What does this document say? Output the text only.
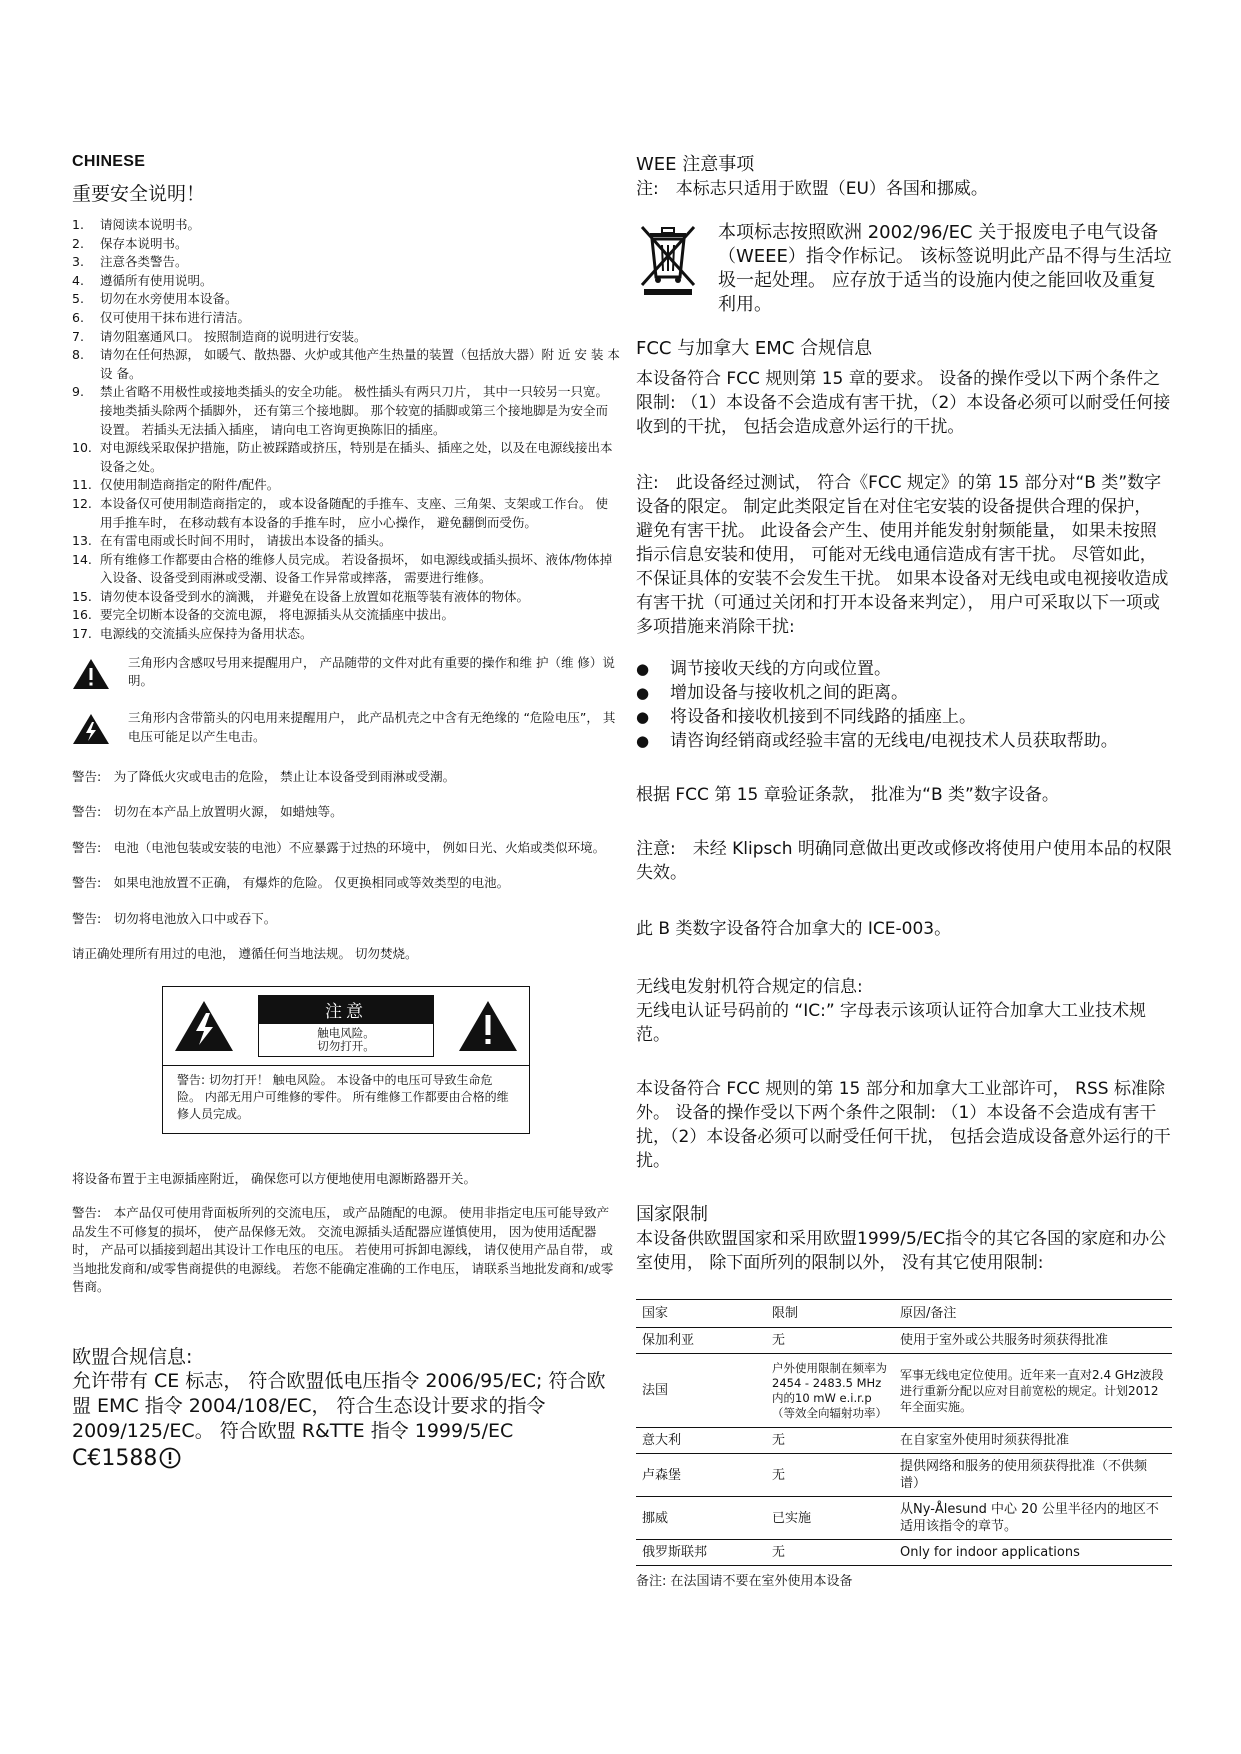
CHINESE
重要安全说明！
1.	请阅读本说明书。
2.	保存本说明书。
3.	注意各类警告。
4.	遵循所有使用说明。
5.	切勿在水旁使用本设备。
6.	仅可使用干抹布进行清洁。
7.	请勿阻塞通风口。 按照制造商的说明进行安装。
8.	请勿在任何热源， 如暖气、散热器、火炉或其他产生热量的装置（包括放大器）附 近 安 装 本 设 备。
9.	禁止省略不用极性或接地类插头的安全功能。 极性插头有两只刀片， 其中一只较另一只宽。 接地类插头除两个插脚外， 还有第三个接地脚。 那个较宽的插脚或第三个接地脚是为安全而设置。 若插头无法插入插座， 请向电工咨询更换陈旧的插座。
10. 对电源线采取保护措施，防止被踩踏或挤压，特别是在插头、插座之处，以及在电源线接出本设备之处。
11. 仅使用制造商指定的附件/配件。
12. 本设备仅可使用制造商指定的， 或本设备随配的手推车、支座、三角架、支架或工作台。 使用手推车时， 在移动载有本设备的手推车时， 应小心操作， 避免翻倒而受伤。
13. 在有雷电雨或长时间不用时， 请拔出本设备的插头。
14. 所有维修工作都要由合格的维修人员完成。 若设备损坏， 如电源线或插头损坏、液体/物体掉入设备、设备受到雨淋或受潮、设备工作异常或摔落， 需要进行维修。
15. 请勿使本设备受到水的滴溅， 并避免在设备上放置如花瓶等装有液体的物体。
16. 要完全切断本设备的交流电源， 将电源插头从交流插座中拔出。
17. 电源线的交流插头应保持为备用状态。
三角形内含感叹号用来提醒用户， 产品随带的文件对此有重要的操作和维 护（维 修）说 明。
三角形内含带箭头的闪电用来提醒用户， 此产品机壳之中含有无绝缘的 “危险电压”， 其电压可能足以产生电击。
警告:　为了降低火灾或电击的危险， 禁止让本设备受到雨淋或受潮。
警告:　切勿在本产品上放置明火源， 如蜡烛等。
警告:　电池（电池包装或安装的电池）不应暴露于过热的环境中， 例如日光、火焰或类似环境。
警告:　如果电池放置不正确， 有爆炸的危险。 仅更换相同或等效类型的电池。
警告:　切勿将电池放入口中或吞下。
请正确处理所有用过的电池， 遵循任何当地法规。 切勿焚烧。
注意
触电风险。
切勿打开。
警告: 切勿打开！ 触电风险。 本设备中的电压可导致生命危险。 内部无用户可维修的零件。 所有维修工作都要由合格的维修人员完成。
将设备布置于主电源插座附近， 确保您可以方便地使用电源断路器开关。
警告:　本产品仅可使用背面板所列的交流电压， 或产品随配的电源。 使用非指定电压可能导致产品发生不可修复的损坏， 使产品保修无效。 交流电源插头适配器应谨慎使用， 因为使用适配器时， 产品可以插接到超出其设计工作电压的电压。 若使用可拆卸电源线， 请仅使用产品自带， 或当地批发商和/或零售商提供的电源线。 若您不能确定准确的工作电压， 请联系当地批发商和/或零售商。
欧盟合规信息:
允许带有 CE 标志， 符合欧盟低电压指令 2006/95/EC; 符合欧盟 EMC 指令 2004/108/EC， 符合生态设计要求的指令 2009/125/EC。 符合欧盟 R&TTE 指令 1999/5/EC
C€1588
WEE 注意事项
注:　本标志只适用于欧盟（EU）各国和挪威。
本项标志按照欧洲 2002/96/EC 关于报废电子电气设备（WEEE）指令作标记。 该标签说明此产品不得与生活垃圾一起处理。 应存放于适当的设施内使之能回收及重复利用。
FCC 与加拿大 EMC 合规信息
本设备符合 FCC 规则第 15 章的要求。 设备的操作受以下两个条件之限制: （1）本设备不会造成有害干扰，（2）本设备必须可以耐受任何接收到的干扰， 包括会造成意外运行的干扰。
注:　此设备经过测试， 符合《FCC 规定》的第 15 部分对“B 类”数字设备的限定。 制定此类限定旨在对住宅安装的设备提供合理的保护， 避免有害干扰。 此设备会产生、使用并能发射射频能量， 如果未按照指示信息安装和使用， 可能对无线电通信造成有害干扰。 尽管如此， 不保证具体的安装不会发生干扰。 如果本设备对无线电或电视接收造成有害干扰（可通过关闭和打开本设备来判定）， 用户可采取以下一项或多项措施来消除干扰:
●	调节接收天线的方向或位置。
●	增加设备与接收机之间的距离。
●	将设备和接收机接到不同线路的插座上。
●	请咨询经销商或经验丰富的无线电/电视技术人员获取帮助。
根据 FCC 第 15 章验证条款， 批准为“B 类”数字设备。
注意:　未经 Klipsch 明确同意做出更改或修改将使用户使用本品的权限失效。
此 B 类数字设备符合加拿大的 ICE-003。
无线电发射机符合规定的信息:
无线电认证号码前的 “IC:” 字母表示该项认证符合加拿大工业技术规范。
本设备符合 FCC 规则的第 15 部分和加拿大工业部许可， RSS 标准除外。 设备的操作受以下两个条件之限制: （1）本设备不会造成有害干扰，（2）本设备必须可以耐受任何干扰， 包括会造成设备意外运行的干扰。
国家限制
本设备供欧盟国家和采用欧盟1999/5/EC指令的其它各国的家庭和办公室使用， 除下面所列的限制以外， 没有其它使用限制:
国家	限制	原因/备注
保加利亚	无	使用于室外或公共服务时须获得批准
法国	户外使用限制在频率为 2454 - 2483.5 MHz 内的10 mW e.i.r.p （等效全向辐射功率）	军事无线电定位使用。近年来一直对2.4 GHz波段进行重新分配以应对目前宽松的规定。计划2012年全面实施。
意大利	无	在自家室外使用时须获得批准
卢森堡	无	提供网络和服务的使用须获得批准（不供频谱）
挪威	已实施	从Ny-Ålesund 中心 20 公里半径内的地区不适用该指令的章节。
俄罗斯联邦	无	Only for indoor applications
备注: 在法国请不要在室外使用本设备
